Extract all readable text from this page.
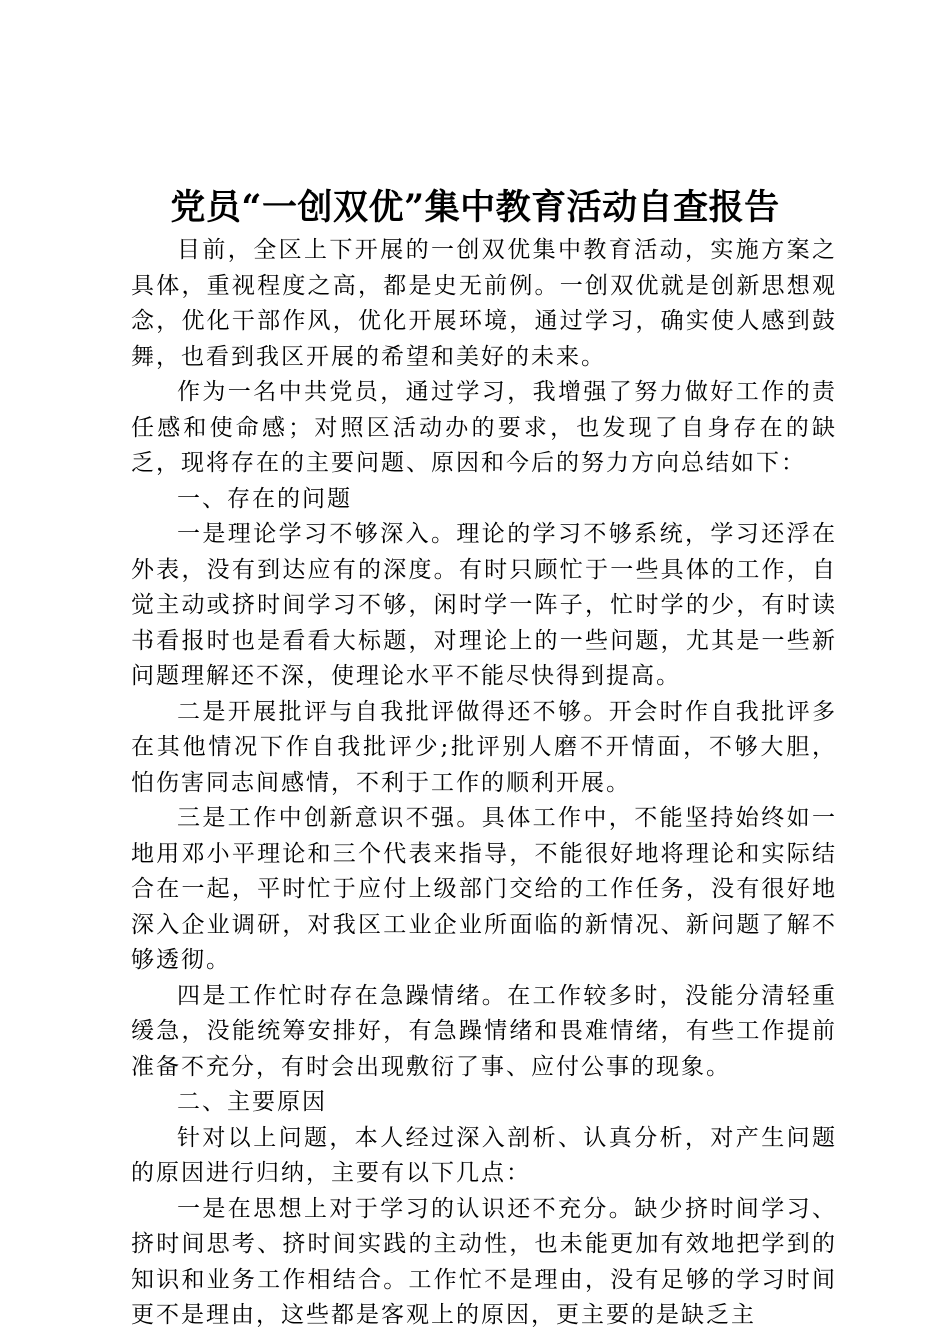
党员“一创双优”集中教育活动自查报告

目前，全区上下开展的一创双优集中教育活动，实施方案之具体，重视程度之高，都是史无前例。一创双优就是创新思想观念，优化干部作风，优化开展环境，通过学习，确实使人感到鼓舞，也看到我区开展的希望和美好的未来。

作为一名中共党员，通过学习，我增强了努力做好工作的责任感和使命感；对照区活动办的要求，也发现了自身存在的缺乏，现将存在的主要问题、原因和今后的努力方向总结如下：

一、存在的问题

一是理论学习不够深入。理论的学习不够系统，学习还浮在外表，没有到达应有的深度。有时只顾忙于一些具体的工作，自觉主动或挤时间学习不够，闲时学一阵子，忙时学的少，有时读书看报时也是看看大标题，对理论上的一些问题，尤其是一些新问题理解还不深，使理论水平不能尽快得到提高。

二是开展批评与自我批评做得还不够。开会时作自我批评多在其他情况下作自我批评少;批评别人磨不开情面，不够大胆，怕伤害同志间感情，不利于工作的顺利开展。

三是工作中创新意识不强。具体工作中，不能坚持始终如一地用邓小平理论和三个代表来指导，不能很好地将理论和实际结合在一起，平时忙于应付上级部门交给的工作任务，没有很好地深入企业调研，对我区工业企业所面临的新情况、新问题了解不够透彻。

四是工作忙时存在急躁情绪。在工作较多时，没能分清轻重缓急，没能统筹安排好，有急躁情绪和畏难情绪，有些工作提前准备不充分，有时会出现敷衍了事、应付公事的现象。

二、主要原因

针对以上问题，本人经过深入剖析、认真分析，对产生问题的原因进行归纳，主要有以下几点：

一是在思想上对于学习的认识还不充分。缺少挤时间学习、挤时间思考、挤时间实践的主动性，也未能更加有效地把学到的知识和业务工作相结合。工作忙不是理由，没有足够的学习时间更不是理由，这些都是客观上的原因，更主要的是缺乏主
